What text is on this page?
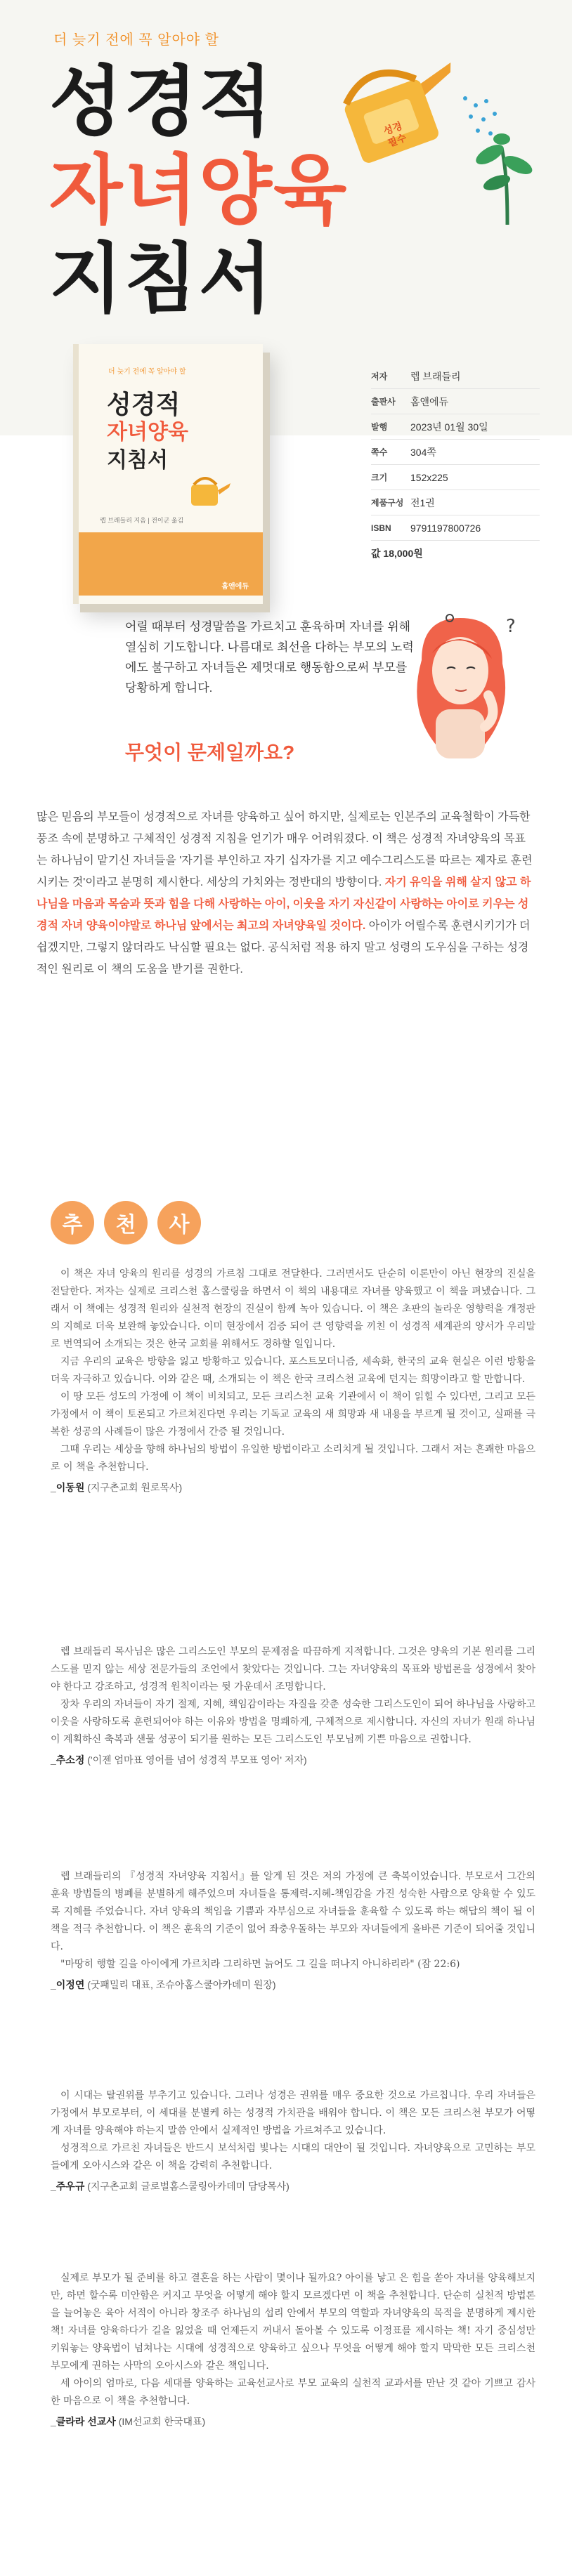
더 늦기 전에 꼭 알아야 할
성경적
자녀양육
지침서
성경
필수
더 늦기 전에 꼭 알아야 할
성경적
자녀양육
지침서
렙 브래들리 지음 | 전이군 옮김
홈앤에듀
저자	렙 브래들리
출판사	홈앤에듀
발행	2023년 01월 30일
쪽수	304쪽
크기	152x225
제품구성 전1권
ISBN	9791197800726
값 18,000원
어릴 때부터 성경말씀을 가르치고 훈육하며 자녀를 위해 열심히 기도합니다. 나름대로 최선을 다하는 부모의 노력에도 불구하고 자녀들은 제멋대로 행동함으로써 부모를 당황하게 합니다.
무엇이 문제일까요?
?
많은 믿음의 부모들이 성경적으로 자녀를 양육하고 싶어 하지만, 실제로는 인본주의 교육철학이 가득한 풍조 속에 분명하고 구체적인 성경적 지침을 얻기가 매우 어려워졌다. 이 책은 성경적 자녀양육의 목표는 하나님이 맡기신 자녀들을 '자기를 부인하고 자기 십자가를 지고 예수그리스도를 따르는 제자로 훈련시키는 것'이라고 분명히 제시한다. 세상의 가치와는 정반대의 방향이다. 자기 유익을 위해 살지 않고 하나님을 마음과 목숨과 뜻과 힘을 다해 사랑하는 아이, 이웃을 자기 자신같이 사랑하는 아이로 키우는 성경적 자녀 양육이야말로 하나님 앞에서는 최고의 자녀양육일 것이다. 아이가 어릴수록 훈련시키기가 더 쉽겠지만, 그렇지 않더라도 낙심할 필요는 없다. 공식처럼 적용 하지 말고 성령의 도우심을 구하는 성경적인 원리로 이 책의 도움을 받기를 권한다.
추	천	사

이 책은 자녀 양육의 원리를 성경의 가르침 그대로 전달한다. 그러면서도 단순히 이론만이 아닌 현장의 진실을 전달한다. 저자는 실제로 크리스천 홈스쿨링을 하면서 이 책의 내용대로 자녀를 양육했고 이 책을 펴냈습니다. 그래서 이 책에는 성경적 원리와 실천적 현장의 진실이 함께 녹아 있습니다. 이 책은 초판의 놀라운 영향력을 개정판의 지혜로 더욱 보완해 놓았습니다. 이미 현장에서 검증 되어 큰 영향력을 끼친 이 성경적 세계관의 양서가 우리말로 번역되어 소개되는 것은 한국 교회를 위해서도 경하할 일입니다.

지금 우리의 교육은 방향을 잃고 방황하고 있습니다. 포스트모더니즘, 세속화, 한국의 교육 현실은 이런 방황을 더욱 자극하고 있습니다. 이와 같은 때, 소개되는 이 책은 한국 크리스천 교육에 던지는 희망이라고 할 만합니다.

이 땅 모든 성도의 가정에 이 책이 비치되고, 모든 크리스천 교육 기관에서 이 책이 읽힐 수 있다면, 그리고 모든 가정에서 이 책이 토론되고 가르쳐진다면 우리는 기독교 교육의 새 희망과 새 내용을 부르게 될 것이고, 실패를 극복한 성공의 사례들이 많은 가정에서 간증 될 것입니다.

그때 우리는 세상을 향해 하나님의 방법이 유일한 방법이라고 소리치게 될 것입니다. 그래서 저는 흔쾌한 마음으로 이 책을 추천합니다.

_이동원 (지구촌교회 원로목사)

렙 브래들리 목사님은 많은 그리스도인 부모의 문제점을 따끔하게 지적합니다. 그것은 양육의 기본 원리를 그리스도를 믿지 않는 세상 전문가들의 조언에서 찾았다는 것입니다. 그는 자녀양육의 목표와 방법론을 성경에서 찾아야 한다고 강조하고, 성경적 원칙이라는 뒷 가운데서 조명합니다.

장차 우리의 자녀들이 자기 절제, 지혜, 책임감이라는 자질을 갖춘 성숙한 그리스도인이 되어 하나님을 사랑하고 이웃을 사랑하도록 훈련되어야 하는 이유와 방법을 명쾌하게, 구체적으로 제시합니다. 자신의 자녀가 원래 하나님이 계획하신 축복과 샌물 성공이 되기를 원하는 모든 그리스도인 부모님께 기쁜 마음으로 권합니다.

_추소정 ('이젠 엄마표 영어를 넘어 성경적 부모표 영어' 저자)

렙 브래들리의 『성경적 자녀양육 지침서』를 알게 된 것은 저의 가정에 큰 축복이었습니다. 부모로서 그간의 훈육 방법들의 병폐를 분별하게 해주었으며 자녀들을 통제력-지혜-책임감을 가진 성숙한 사람으로 양육할 수 있도록 지혜를 주었습니다. 자녀 양육의 책임을 기쁨과 자부심으로 자녀들을 훈육할 수 있도록 하는 해답의 책이 될 이 책을 적극 추천합니다. 이 책은 훈육의 기준이 없어 좌충우돌하는 부모와 자녀들에게 올바른 기준이 되어줄 것입니다.

"마땅히 행할 길을 아이에게 가르치라 그리하면 늙어도 그 길을 떠나지 아니하리라" (잠 22:6)

_이정연 (굿패밀리 대표, 조슈아홈스쿨아카데미 원장)

이 시대는 탈권위를 부추기고 있습니다. 그러나 성경은 권위를 매우 중요한 것으로 가르칩니다. 우리 자녀들은 가정에서 부모로부터, 이 세대를 분별케 하는 성경적 가치관을 배워야 합니다. 이 책은 모든 크리스천 부모가 어떻게 자녀를 양육해야 하는지 말씀 안에서 실제적인 방법을 가르쳐주고 있습니다.

성경적으로 가르친 자녀들은 반드시 보석처럼 빛나는 시대의 대안이 될 것입니다. 자녀양육으로 고민하는 부모들에게 오아시스와 같은 이 책을 강력히 추천합니다.

_주우규 (지구촌교회 글로벌홈스쿨링아카데미 담당목사)

실제로 부모가 될 준비를 하고 결혼을 하는 사람이 몇이나 될까요? 아이를 낳고 은 힘을 쏟아 자녀를 양육해보지만, 하면 할수록 미안함은 커지고 무엇을 어떻게 해야 할지 모르겠다면 이 책을 추천합니다. 단순히 실천적 방법론을 늘어놓은 육아 서적이 아니라 창조주 하나님의 섭리 안에서 부모의 역할과 자녀양육의 목적을 분명하게 제시한 책! 자녀를 양육하다가 길을 잃었을 때 언제든지 꺼내서 돌아볼 수 있도록 이정표를 제시하는 책! 자기 중심성만 키워놓는 양육법이 넘쳐나는 시대에 성경적으로 양육하고 싶으나 무엇을 어떻게 해야 할지 막막한 모든 크리스천 부모에게 권하는 사막의 오아시스와 같은 책입니다.

세 아이의 엄마로, 다음 세대를 양육하는 교육선교사로 부모 교육의 실천적 교과서를 만난 것 같아 기쁘고 감사한 마음으로 이 책을 추천합니다.

_클라라 선교사 (IM선교회 한국대표)
